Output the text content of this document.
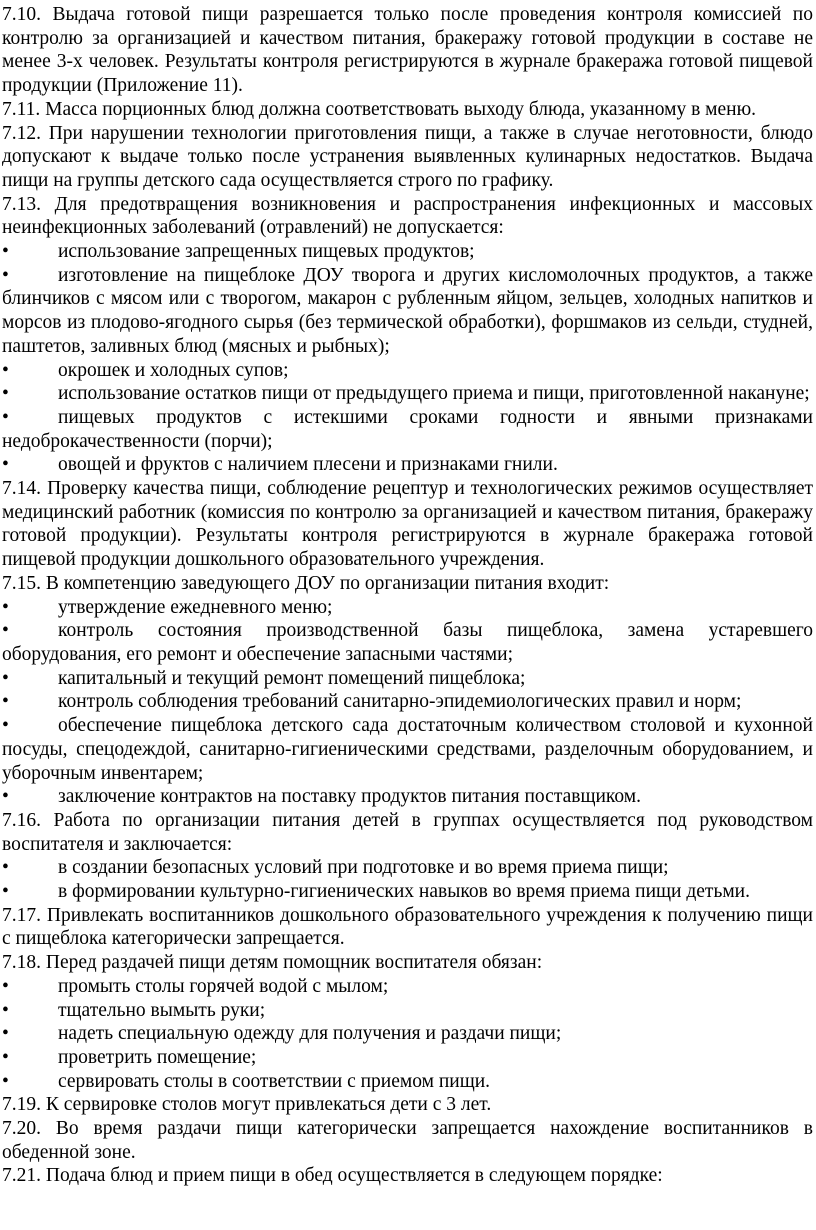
7.10. Выдача готовой пищи разрешается только после проведения контроля комиссией по контролю за организацией и качеством питания, бракеражу готовой продукции в составе не менее 3-х человек. Результаты контроля регистрируются в журнале бракеража готовой пищевой продукции (Приложение 11).

7.11. Масса порционных блюд должна соответствовать выходу блюда, указанному в меню.

7.12. При нарушении технологии приготовления пищи, а также в случае неготовности, блюдо допускают к выдаче только после устранения выявленных кулинарных недостатков. Выдача пищи на группы детского сада осуществляется строго по графику.

7.13. Для предотвращения возникновения и распространения инфекционных и массовых неинфекционных заболеваний (отравлений) не допускается:

•	использование запрещенных пищевых продуктов;

•	изготовление на пищеблоке ДОУ творога и других кисломолочных продуктов, а также блинчиков с мясом или с творогом, макарон с рубленным яйцом, зельцев, холодных напитков и морсов из плодово-ягодного сырья (без термической обработки), форшмаков из сельди, студней, паштетов, заливных блюд (мясных и рыбных);

•	окрошек и холодных супов;

•	использование остатков пищи от предыдущего приема и пищи, приготовленной накануне;

•	пищевых продуктов с истекшими сроками годности и явными признаками недоброкачественности (порчи);

•	овощей и фруктов с наличием плесени и признаками гнили.

7.14. Проверку качества пищи, соблюдение рецептур и технологических режимов осуществляет медицинский работник (комиссия по контролю за организацией и качеством питания, бракеражу готовой продукции). Результаты контроля регистрируются в журнале бракеража готовой пищевой продукции дошкольного образовательного учреждения.

7.15. В компетенцию заведующего ДОУ по организации питания входит:

•	утверждение ежедневного меню;

•	контроль состояния производственной базы пищеблока, замена устаревшего оборудования, его ремонт и обеспечение запасными частями;

•	капитальный и текущий ремонт помещений пищеблока;

•	контроль соблюдения требований санитарно-эпидемиологических правил и норм;

•	обеспечение пищеблока детского сада достаточным количеством столовой и кухонной посуды, спецодеждой, санитарно-гигиеническими средствами, разделочным оборудованием, и уборочным инвентарем;

•	заключение контрактов на поставку продуктов питания поставщиком.

7.16. Работа по организации питания детей в группах осуществляется под руководством воспитателя и заключается:

•	в создании безопасных условий при подготовке и во время приема пищи;

•	в формировании культурно-гигиенических навыков во время приема пищи детьми.

7.17. Привлекать воспитанников дошкольного образовательного учреждения к получению пищи с пищеблока категорически запрещается.

7.18. Перед раздачей пищи детям помощник воспитателя обязан:

•	промыть столы горячей водой с мылом;

•	тщательно вымыть руки;

•	надеть специальную одежду для получения и раздачи пищи;

•	проветрить помещение;

•	сервировать столы в соответствии с приемом пищи.

7.19. К сервировке столов могут привлекаться дети с 3 лет.

7.20. Во время раздачи пищи категорически запрещается нахождение воспитанников в обеденной зоне.

7.21. Подача блюд и прием пищи в обед осуществляется в следующем порядке:
